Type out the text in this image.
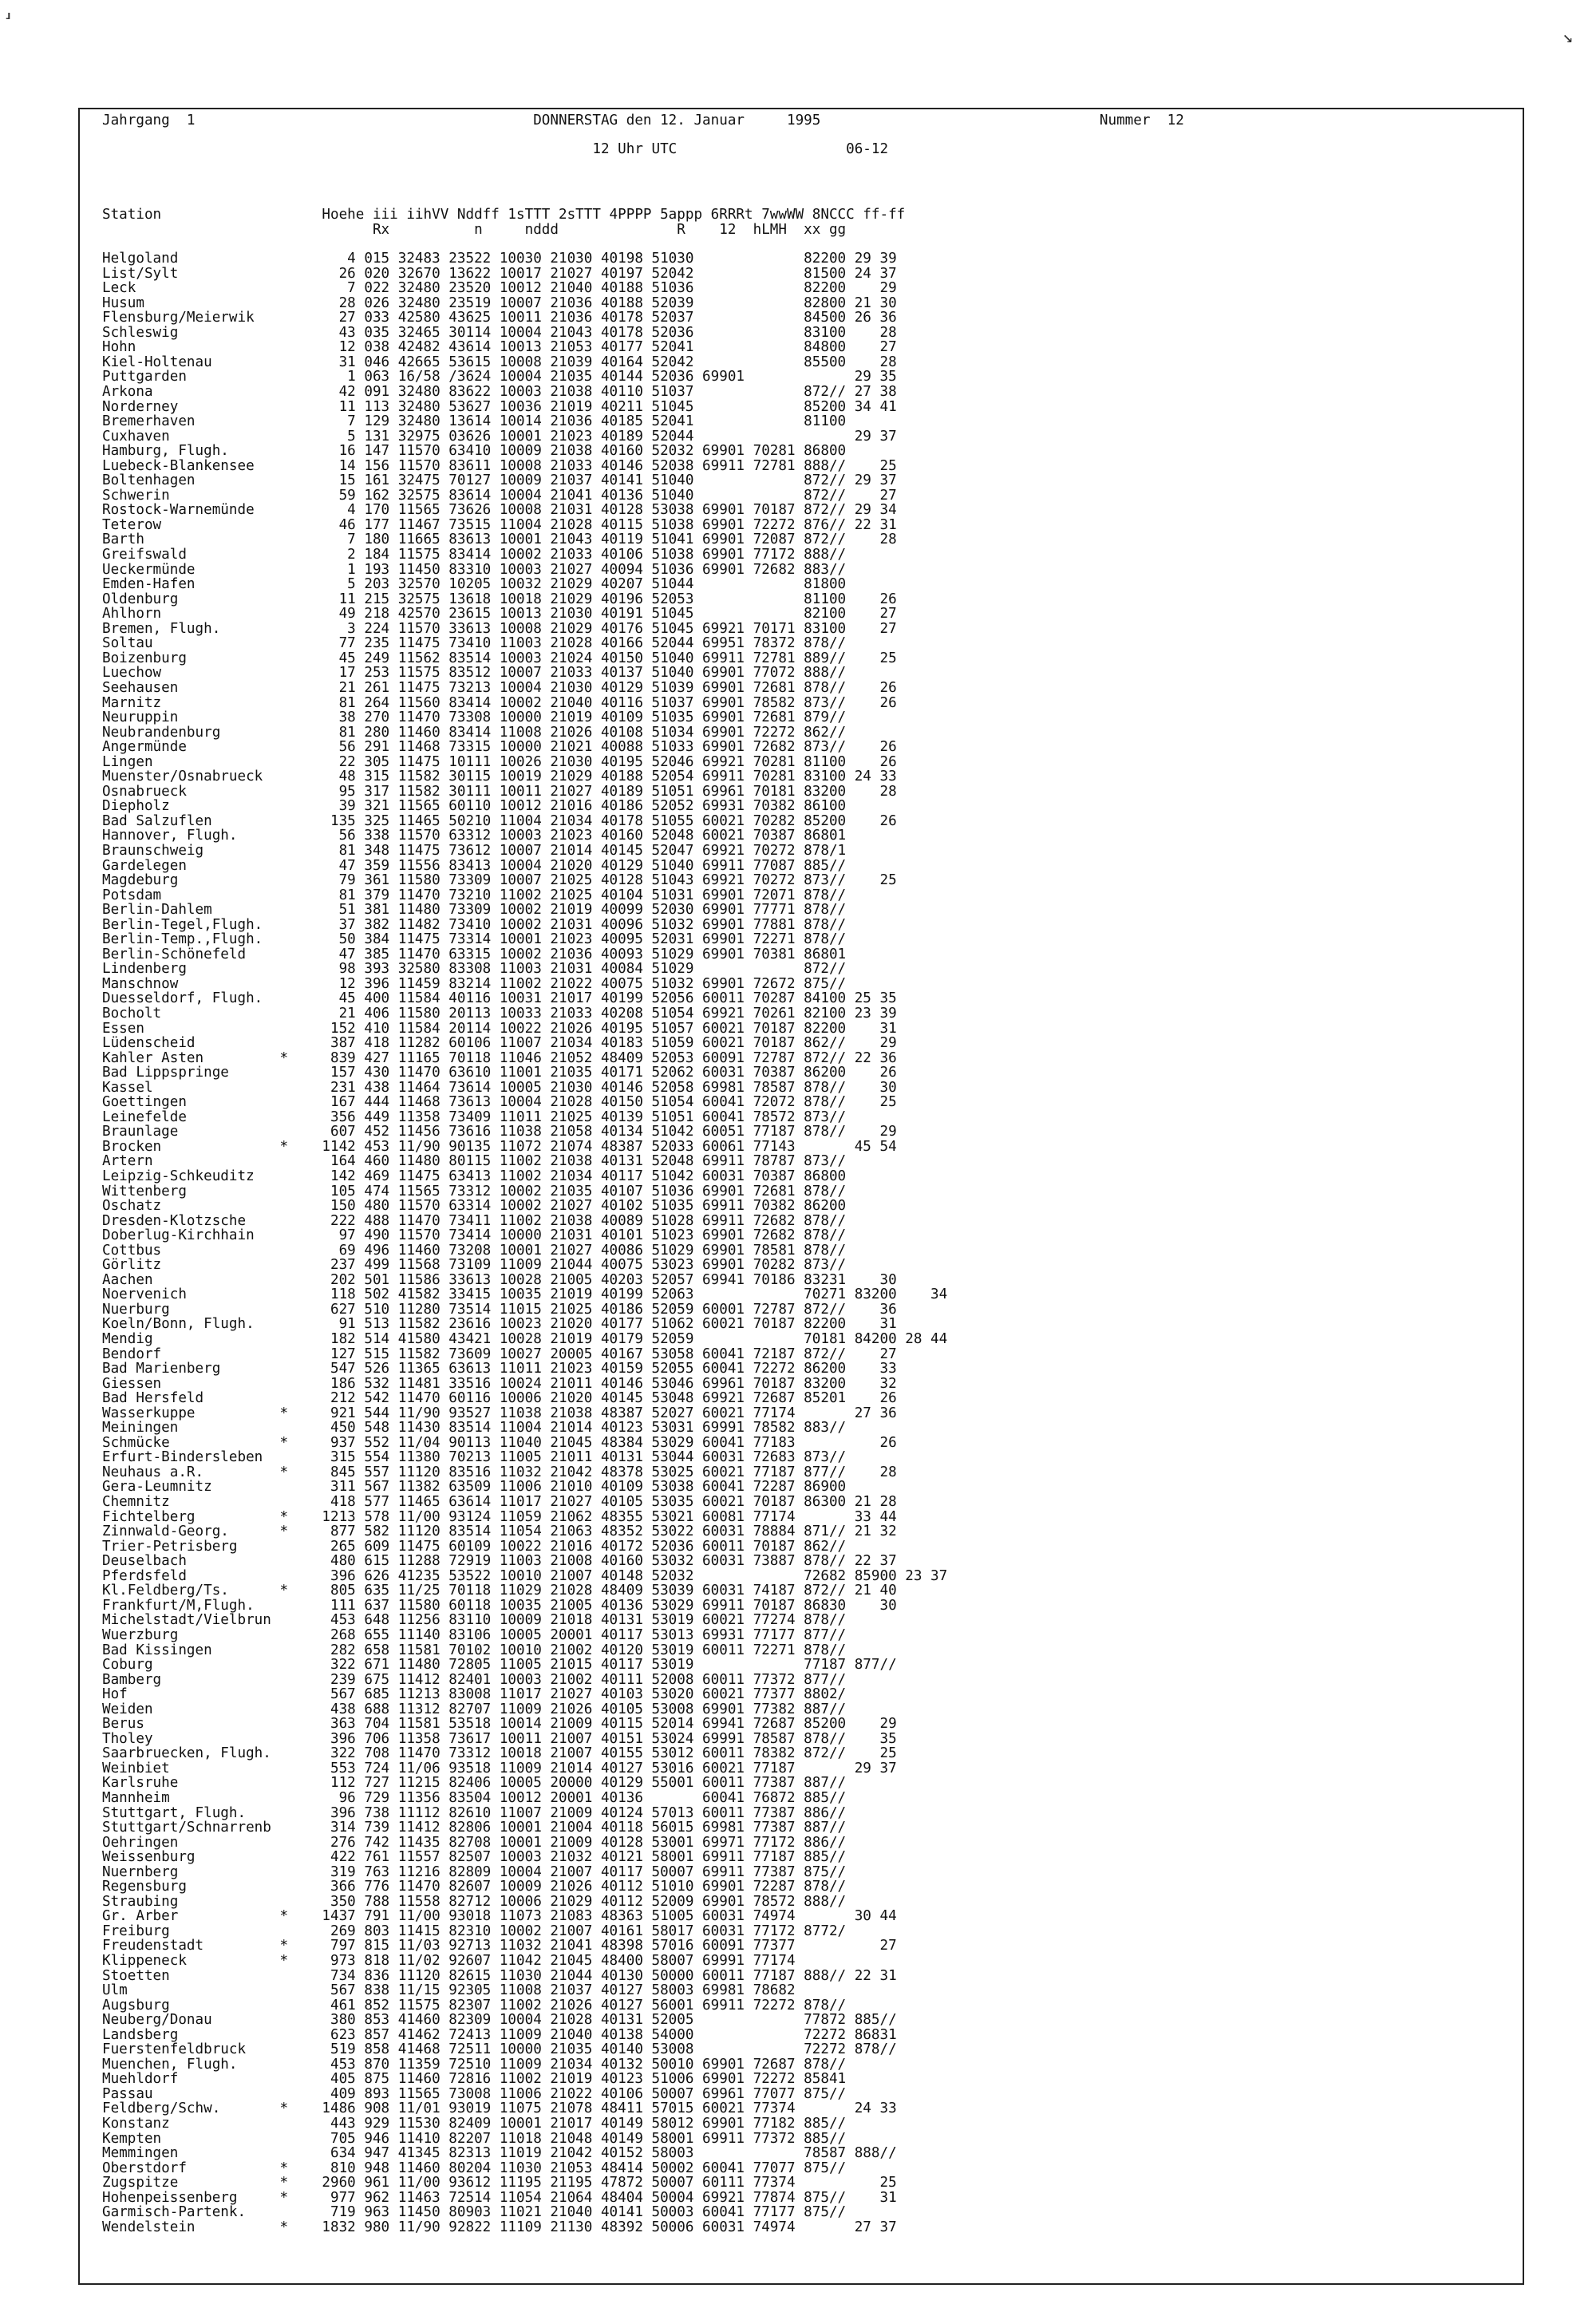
⸥
↘
Jahrgang  1                                        DONNERSTAG den 12. Januar     1995                                 Nummer  12
12 Uhr UTC                    06-12
Station                   Hoehe iii iihVV Nddff 1sTTT 2sTTT 4PPPP 5appp 6RRRt 7wwWW 8NCCC ff-ff
Rx          n     nddd              R    12  hLMH  xx gg
Helgoland                    4 015 32483 23522 10030 21030 40198 51030             82200 29 39
List/Sylt                   26 020 32670 13622 10017 21027 40197 52042             81500 24 37
Leck                         7 022 32480 23520 10012 21040 40188 51036             82200    29
Husum                       28 026 32480 23519 10007 21036 40188 52039             82800 21 30
Flensburg/Meierwik          27 033 42580 43625 10011 21036 40178 52037             84500 26 36
Schleswig                   43 035 32465 30114 10004 21043 40178 52036             83100    28
Hohn                        12 038 42482 43614 10013 21053 40177 52041             84800    27
Kiel-Holtenau               31 046 42665 53615 10008 21039 40164 52042             85500    28
Puttgarden                   1 063 16/58 /3624 10004 21035 40144 52036 69901             29 35
Arkona                      42 091 32480 83622 10003 21038 40110 51037             872// 27 38
Norderney                   11 113 32480 53627 10036 21019 40211 51045             85200 34 41
Bremerhaven                  7 129 32480 13614 10014 21036 40185 52041             81100
Cuxhaven                     5 131 32975 03626 10001 21023 40189 52044                   29 37
Hamburg, Flugh.             16 147 11570 63410 10009 21038 40160 52032 69901 70281 86800
Luebeck-Blankensee          14 156 11570 83611 10008 21033 40146 52038 69911 72781 888//    25
Boltenhagen                 15 161 32475 70127 10009 21037 40141 51040             872// 29 37
Schwerin                    59 162 32575 83614 10004 21041 40136 51040             872//    27
Rostock-Warnemünde           4 170 11565 73626 10008 21031 40128 53038 69901 70187 872// 29 34
Teterow                     46 177 11467 73515 11004 21028 40115 51038 69901 72272 876// 22 31
Barth                        7 180 11665 83613 10001 21043 40119 51041 69901 72087 872//    28
Greifswald                   2 184 11575 83414 10002 21033 40106 51038 69901 77172 888//
Ueckermünde                  1 193 11450 83310 10003 21027 40094 51036 69901 72682 883//
Emden-Hafen                  5 203 32570 10205 10032 21029 40207 51044             81800
Oldenburg                   11 215 32575 13618 10018 21029 40196 52053             81100    26
Ahlhorn                     49 218 42570 23615 10013 21030 40191 51045             82100    27
Bremen, Flugh.               3 224 11570 33613 10008 21029 40176 51045 69921 70171 83100    27
Soltau                      77 235 11475 73410 11003 21028 40166 52044 69951 78372 878//
Boizenburg                  45 249 11562 83514 10003 21024 40150 51040 69911 72781 889//    25
Luechow                     17 253 11575 83512 10007 21033 40137 51040 69901 77072 888//
Seehausen                   21 261 11475 73213 10004 21030 40129 51039 69901 72681 878//    26
Marnitz                     81 264 11560 83414 10002 21040 40116 51037 69901 78582 873//    26
Neuruppin                   38 270 11470 73308 10000 21019 40109 51035 69901 72681 879//
Neubrandenburg              81 280 11460 83414 11008 21026 40108 51034 69901 72272 862//
Angermünde                  56 291 11468 73315 10000 21021 40088 51033 69901 72682 873//    26
Lingen                      22 305 11475 10111 10026 21030 40195 52046 69921 70281 81100    26
Muenster/Osnabrueck         48 315 11582 30115 10019 21029 40188 52054 69911 70281 83100 24 33
Osnabrueck                  95 317 11582 30111 10011 21027 40189 51051 69961 70181 83200    28
Diepholz                    39 321 11565 60110 10012 21016 40186 52052 69931 70382 86100
Bad Salzuflen              135 325 11465 50210 11004 21034 40178 51055 60021 70282 85200    26
Hannover, Flugh.            56 338 11570 63312 10003 21023 40160 52048 60021 70387 86801
Braunschweig                81 348 11475 73612 10007 21014 40145 52047 69921 70272 878/1
Gardelegen                  47 359 11556 83413 10004 21020 40129 51040 69911 77087 885//
Magdeburg                   79 361 11580 73309 10007 21025 40128 51043 69921 70272 873//    25
Potsdam                     81 379 11470 73210 11002 21025 40104 51031 69901 72071 878//
Berlin-Dahlem               51 381 11480 73309 10002 21019 40099 52030 69901 77771 878//
Berlin-Tegel,Flugh.         37 382 11482 73410 10002 21031 40096 51032 69901 77881 878//
Berlin-Temp.,Flugh.         50 384 11475 73314 10001 21023 40095 52031 69901 72271 878//
Berlin-Schönefeld           47 385 11470 63315 10002 21036 40093 51029 69901 70381 86801
Lindenberg                  98 393 32580 83308 11003 21031 40084 51029             872//
Manschnow                   12 396 11459 83214 11002 21022 40075 51032 69901 72672 875//
Duesseldorf, Flugh.         45 400 11584 40116 10031 21017 40199 52056 60011 70287 84100 25 35
Bocholt                     21 406 11580 20113 10033 21033 40208 51054 69921 70261 82100 23 39
Essen                      152 410 11584 20114 10022 21026 40195 51057 60021 70187 82200    31
Lüdenscheid                387 418 11282 60106 11007 21034 40183 51059 60021 70187 862//    29
Kahler Asten         *     839 427 11165 70118 11046 21052 48409 52053 60091 72787 872// 22 36
Bad Lippspringe            157 430 11470 63610 11001 21035 40171 52062 60031 70387 86200    26
Kassel                     231 438 11464 73614 10005 21030 40146 52058 69981 78587 878//    30
Goettingen                 167 444 11468 73613 10004 21028 40150 51054 60041 72072 878//    25
Leinefelde                 356 449 11358 73409 11011 21025 40139 51051 60041 78572 873//
Braunlage                  607 452 11456 73616 11038 21058 40134 51042 60051 77187 878//    29
Brocken              *    1142 453 11/90 90135 11072 21074 48387 52033 60061 77143       45 54
Artern                     164 460 11480 80115 11002 21038 40131 52048 69911 78787 873//
Leipzig-Schkeuditz         142 469 11475 63413 11002 21034 40117 51042 60031 70387 86800
Wittenberg                 105 474 11565 73312 10002 21035 40107 51036 69901 72681 878//
Oschatz                    150 480 11570 63314 10002 21027 40102 51035 69911 70382 86200
Dresden-Klotzsche          222 488 11470 73411 11002 21038 40089 51028 69911 72682 878//
Doberlug-Kirchhain          97 490 11570 73414 10000 21031 40101 51023 69901 72682 878//
Cottbus                     69 496 11460 73208 10001 21027 40086 51029 69901 78581 878//
Görlitz                    237 499 11568 73109 11009 21044 40075 53023 69901 70282 873//
Aachen                     202 501 11586 33613 10028 21005 40203 52057 69941 70186 83231    30
Noervenich                 118 502 41582 33415 10035 21019 40199 52063             70271 83200    34
Nuerburg                   627 510 11280 73514 11015 21025 40186 52059 60001 72787 872//    36
Koeln/Bonn, Flugh.          91 513 11582 23616 10023 21020 40177 51062 60021 70187 82200    31
Mendig                     182 514 41580 43421 10028 21019 40179 52059             70181 84200 28 44
Bendorf                    127 515 11582 73609 10027 20005 40167 53058 60041 72187 872//    27
Bad Marienberg             547 526 11365 63613 11011 21023 40159 52055 60041 72272 86200    33
Giessen                    186 532 11481 33516 10024 21011 40146 53046 69961 70187 83200    32
Bad Hersfeld               212 542 11470 60116 10006 21020 40145 53048 69921 72687 85201    26
Wasserkuppe          *     921 544 11/90 93527 11038 21038 48387 52027 60021 77174       27 36
Meiningen                  450 548 11430 83514 11004 21014 40123 53031 69991 78582 883//
Schmücke             *     937 552 11/04 90113 11040 21045 48384 53029 60041 77183          26
Erfurt-Bindersleben        315 554 11380 70213 11005 21011 40131 53044 60031 72683 873//
Neuhaus a.R.         *     845 557 11120 83516 11032 21042 48378 53025 60021 77187 877//    28
Gera-Leumnitz              311 567 11382 63509 11006 21010 40109 53038 60041 72287 86900
Chemnitz                   418 577 11465 63614 11017 21027 40105 53035 60021 70187 86300 21 28
Fichtelberg          *    1213 578 11/00 93124 11059 21062 48355 53021 60081 77174       33 44
Zinnwald-Georg.      *     877 582 11120 83514 11054 21063 48352 53022 60031 78884 871// 21 32
Trier-Petrisberg           265 609 11475 60109 10022 21016 40172 52036 60011 70187 862//
Deuselbach                 480 615 11288 72919 11003 21008 40160 53032 60031 73887 878// 22 37
Pferdsfeld                 396 626 41235 53522 10010 21007 40148 52032             72682 85900 23 37
Kl.Feldberg/Ts.      *     805 635 11/25 70118 11029 21028 48409 53039 60031 74187 872// 21 40
Frankfurt/M,Flugh.         111 637 11580 60118 10035 21005 40136 53029 69911 70187 86830    30
Michelstadt/Vielbrun       453 648 11256 83110 10009 21018 40131 53019 60021 77274 878//
Wuerzburg                  268 655 11140 83106 10005 20001 40117 53013 69931 77177 877//
Bad Kissingen              282 658 11581 70102 10010 21002 40120 53019 60011 72271 878//
Coburg                     322 671 11480 72805 11005 21015 40117 53019             77187 877//
Bamberg                    239 675 11412 82401 10003 21002 40111 52008 60011 77372 877//
Hof                        567 685 11213 83008 11017 21027 40103 53020 60021 77377 8802/
Weiden                     438 688 11312 82707 11009 21026 40105 53008 69901 77382 887//
Berus                      363 704 11581 53518 10014 21009 40115 52014 69941 72687 85200    29
Tholey                     396 706 11358 73617 10011 21007 40151 53024 69991 78587 878//    35
Saarbruecken, Flugh.       322 708 11470 73312 10018 21007 40155 53012 60011 78382 872//    25
Weinbiet                   553 724 11/06 93518 11009 21014 40127 53016 60021 77187       29 37
Karlsruhe                  112 727 11215 82406 10005 20000 40129 55001 60011 77387 887//
Mannheim                    96 729 11356 83504 10012 20001 40136       60041 76872 885//
Stuttgart, Flugh.          396 738 11112 82610 11007 21009 40124 57013 60011 77387 886//
Stuttgart/Schnarrenb       314 739 11412 82806 10001 21004 40118 56015 69981 77387 887//
Oehringen                  276 742 11435 82708 10001 21009 40128 53001 69971 77172 886//
Weissenburg                422 761 11557 82507 10003 21032 40121 58001 69911 77187 885//
Nuernberg                  319 763 11216 82809 10004 21007 40117 50007 69911 77387 875//
Regensburg                 366 776 11470 82607 10009 21026 40112 51010 69901 72287 878//
Straubing                  350 788 11558 82712 10006 21029 40112 52009 69901 78572 888//
Gr. Arber            *    1437 791 11/00 93018 11073 21083 48363 51005 60031 74974       30 44
Freiburg                   269 803 11415 82310 10002 21007 40161 58017 60031 77172 8772/
Freudenstadt         *     797 815 11/03 92713 11032 21041 48398 57016 60091 77377          27
Klippeneck           *     973 818 11/02 92607 11042 21045 48400 58007 69991 77174
Stoetten                   734 836 11120 82615 11030 21044 40130 50000 60011 77187 888// 22 31
Ulm                        567 838 11/15 92305 11008 21037 40127 58003 69981 78682
Augsburg                   461 852 11575 82307 11002 21026 40127 56001 69911 72272 878//
Neuberg/Donau              380 853 41460 82309 10004 21028 40131 52005             77872 885//
Landsberg                  623 857 41462 72413 11009 21040 40138 54000             72272 86831
Fuerstenfeldbruck          519 858 41468 72511 10000 21035 40140 53008             72272 878//
Muenchen, Flugh.           453 870 11359 72510 11009 21034 40132 50010 69901 72687 878//
Muehldorf                  405 875 11460 72816 11002 21019 40123 51006 69901 72272 85841
Passau                     409 893 11565 73008 11006 21022 40106 50007 69961 77077 875//
Feldberg/Schw.       *    1486 908 11/01 93019 11075 21078 48411 57015 60021 77374       24 33
Konstanz                   443 929 11530 82409 10001 21017 40149 58012 69901 77182 885//
Kempten                    705 946 11410 82207 11018 21048 40149 58001 69911 77372 885//
Memmingen                  634 947 41345 82313 11019 21042 40152 58003             78587 888//
Oberstdorf           *     810 948 11460 80204 11030 21053 48414 50002 60041 77077 875//
Zugspitze            *    2960 961 11/00 93612 11195 21195 47872 50007 60111 77374          25
Hohenpeissenberg     *     977 962 11463 72514 11054 21064 48404 50004 69921 77874 875//    31
Garmisch-Partenk.          719 963 11450 80903 11021 21040 40141 50003 60041 77177 875//
Wendelstein          *    1832 980 11/90 92822 11109 21130 48392 50006 60031 74974       27 37
